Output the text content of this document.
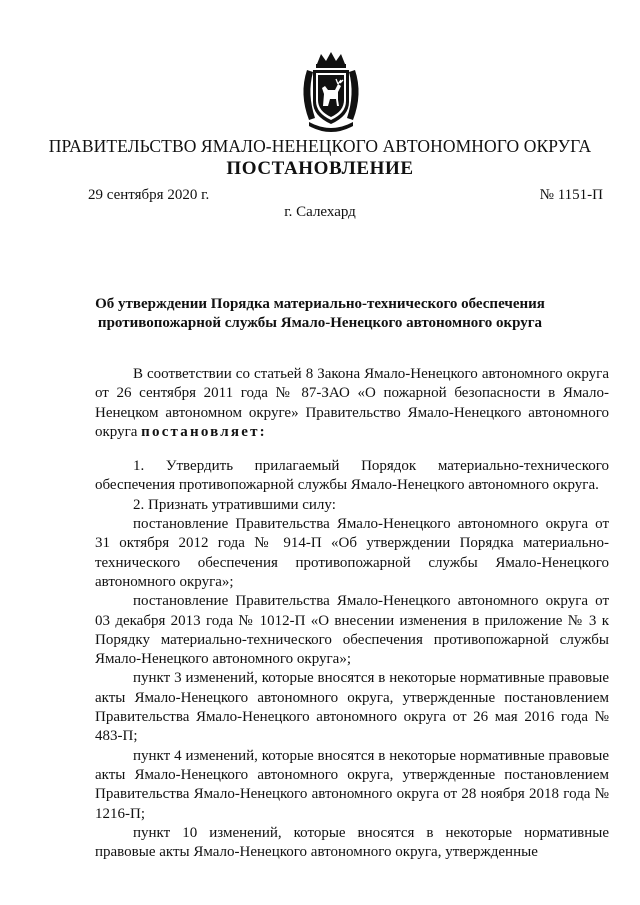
ПРАВИТЕЛЬСТВО ЯМАЛО-НЕНЕЦКОГО АВТОНОМНОГО ОКРУГА
ПОСТАНОВЛЕНИЕ
29 сентября 2020 г.	№ 1151-П
г. Салехард
Об утверждении Порядка материально-технического обеспечения
противопожарной службы Ямало-Ненецкого автономного округа

В соответствии со статьей 8 Закона Ямало-Ненецкого автономного округа от 26 сентября 2011 года № 87-ЗАО «О пожарной безопасности в Ямало-Ненецком автономном округе» Правительство Ямало-Ненецкого автономного округа постановляет:

1. Утвердить прилагаемый Порядок материально-технического обеспечения противопожарной службы Ямало-Ненецкого автономного округа.

2. Признать утратившими силу:

постановление Правительства Ямало-Ненецкого автономного округа от 31 октября 2012 года № 914-П «Об утверждении Порядка материально-технического обеспечения противопожарной службы Ямало-Ненецкого автономного округа»;

постановление Правительства Ямало-Ненецкого автономного округа от 03 декабря 2013 года № 1012-П «О внесении изменения в приложение № 3 к Порядку материально-технического обеспечения противопожарной службы Ямало-Ненецкого автономного округа»;

пункт 3 изменений, которые вносятся в некоторые нормативные правовые акты Ямало-Ненецкого автономного округа, утвержденные постановлением Правительства Ямало-Ненецкого автономного округа от 26 мая 2016 года № 483-П;

пункт 4 изменений, которые вносятся в некоторые нормативные правовые акты Ямало-Ненецкого автономного округа, утвержденные постановлением Правительства Ямало-Ненецкого автономного округа от 28 ноября 2018 года № 1216-П;

пункт 10 изменений, которые вносятся в некоторые нормативные правовые акты Ямало-Ненецкого автономного округа, утвержденные
